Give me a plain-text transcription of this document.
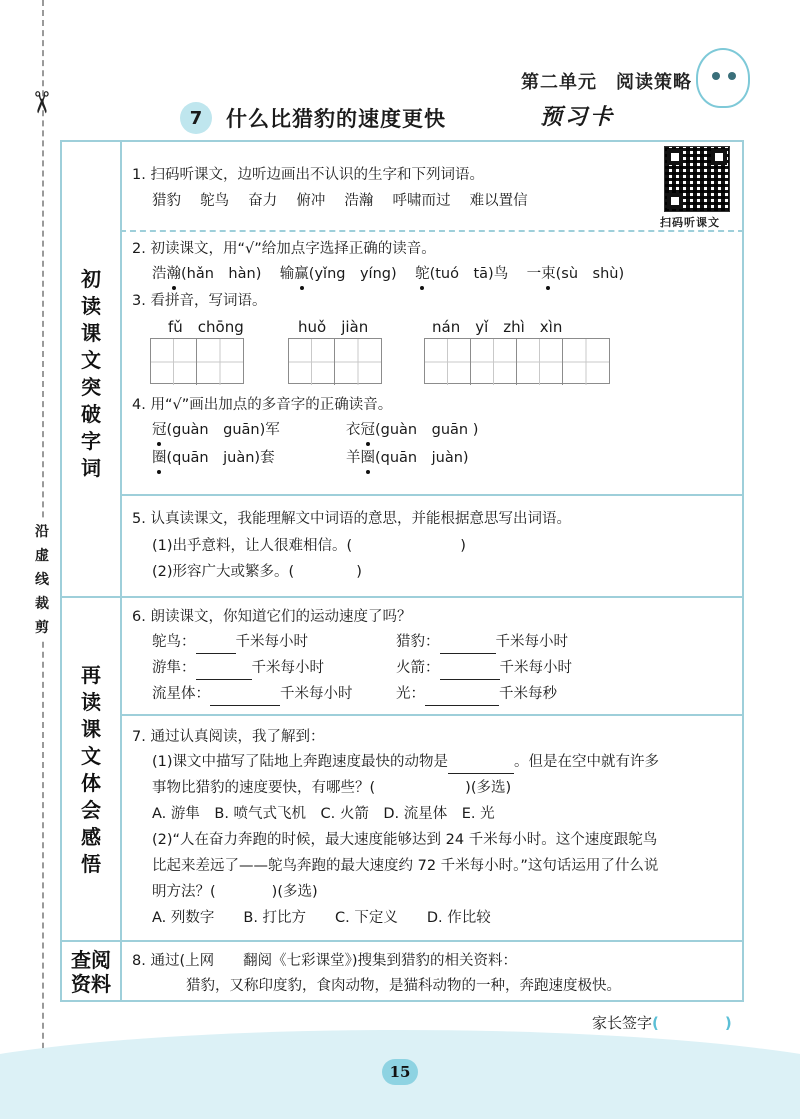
✂
沿
虚
线
裁
剪
第二单元　阅读策略
7	什么比猎豹的速度更快	预习卡
初
读
课
文
突
破
字
词
再
读
课
文
体
会
感
悟
查 阅
资 料
扫码听课文
1. 扫码听课文，边听边画出不认识的生字和下列词语。
猎豹　 鸵鸟　 奋力　 俯冲　 浩瀚　 呼啸而过　 难以置信
2. 初读课文，用“√”给加点字选择正确的读音。
浩瀚(hǎn　hàn) 输赢(yǐng　yíng) 鸵(tuó　tā)鸟 一束(sù　shù)
3. 看拼音，写词语。
fǔ　chōng	huǒ　jiàn	nán　yǐ　zhì　xìn
4. 用“√”画出加点的多音字的正确读音。
冠(guàn　guān)军	衣冠(guàn　guān )
圈(quān　juàn)套	羊圈(quān　juàn)
5. 认真读课文，我能理解文中词语的意思，并能根据意思写出词语。
(1)出乎意料，让人很难相信。(	)
(2)形容广大或繁多。(	)
6. 朗读课文，你知道它们的运动速度了吗？
鸵鸟：	千米每小时	猎豹：	千米每小时
游隼：	千米每小时	火箭：	千米每小时
流星体：	千米每小时	光：	千米每秒
7. 通过认真阅读，我了解到：
(1)课文中描写了陆地上奔跑速度最快的动物是	。但是在空中就有许多
事物比猎豹的速度要快，有哪些？(	)(多选)
A. 游隼　B. 喷气式飞机　C. 火箭　D. 流星体　E. 光
(2)“人在奋力奔跑的时候，最大速度能够达到 24 千米每小时。这个速度跟鸵鸟
比起来差远了——鸵鸟奔跑的最大速度约 72 千米每小时。”这句话运用了什么说
明方法？(	)(多选)
A. 列数字　　B. 打比方　　C. 下定义　　D. 作比较
8. 通过(上网　　翻阅《七彩课堂》)搜集到猎豹的相关资料：
猎豹，又称印度豹，食肉动物，是猫科动物的一种，奔跑速度极快。
家长签字(	)
15
